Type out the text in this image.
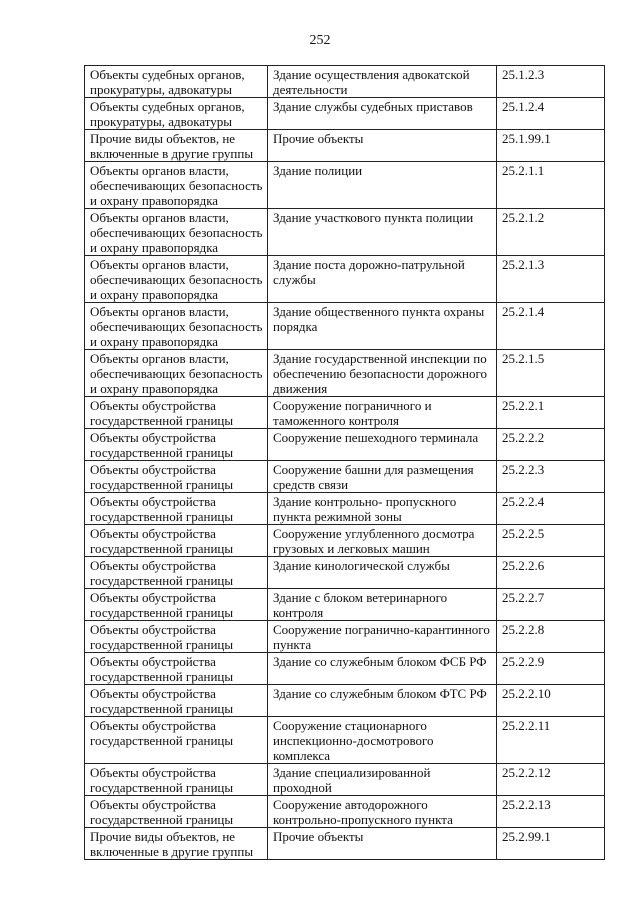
252
Объекты судебных органов,
прокуратуры, адвокатуры	Здание осуществления адвокатской
деятельности	25.1.2.3
Объекты судебных органов,
прокуратуры, адвокатуры	Здание службы судебных приставов	25.1.2.4
Прочие виды объектов, не
включенные в другие группы	Прочие объекты	25.1.99.1
Объекты органов власти,
обеспечивающих безопасность
и охрану правопорядка	Здание полиции	25.2.1.1
Объекты органов власти,
обеспечивающих безопасность
и охрану правопорядка	Здание участкового пункта полиции	25.2.1.2
Объекты органов власти,
обеспечивающих безопасность
и охрану правопорядка	Здание поста дорожно-патрульной
службы	25.2.1.3
Объекты органов власти,
обеспечивающих безопасность
и охрану правопорядка	Здание общественного пункта охраны
порядка	25.2.1.4
Объекты органов власти,
обеспечивающих безопасность
и охрану правопорядка	Здание государственной инспекции по
обеспечению безопасности дорожного
движения	25.2.1.5
Объекты обустройства
государственной границы	Сооружение пограничного и
таможенного контроля	25.2.2.1
Объекты обустройства
государственной границы	Сооружение пешеходного терминала	25.2.2.2
Объекты обустройства
государственной границы	Сооружение башни для размещения
средств связи	25.2.2.3
Объекты обустройства
государственной границы	Здание контрольно- пропускного
пункта режимной зоны	25.2.2.4
Объекты обустройства
государственной границы	Сооружение углубленного досмотра
грузовых и легковых машин	25.2.2.5
Объекты обустройства
государственной границы	Здание кинологической службы	25.2.2.6
Объекты обустройства
государственной границы	Здание с блоком ветеринарного
контроля	25.2.2.7
Объекты обустройства
государственной границы	Сооружение пограничн​о-карантинного
пункта	25.2.2.8
Объекты обустройства
государственной границы	Здание со служебным блоком ФСБ РФ	25.2.2.9
Объекты обустройства
государственной границы	Здание со служебным блоком ФТС РФ	25.2.2.10
Объекты обустройства
государственной границы	Сооружение стационарного
инспекционно-досмотрового
комплекса	25.2.2.11
Объекты обустройства
государственной границы	Здание специализированной
проходной	25.2.2.12
Объекты обустройства
государственной границы	Сооружение автодорожного
контрольно-пропускного пункта	25.2.2.13
Прочие виды объектов, не
включенные в другие группы	Прочие объекты	25.2.99.1
